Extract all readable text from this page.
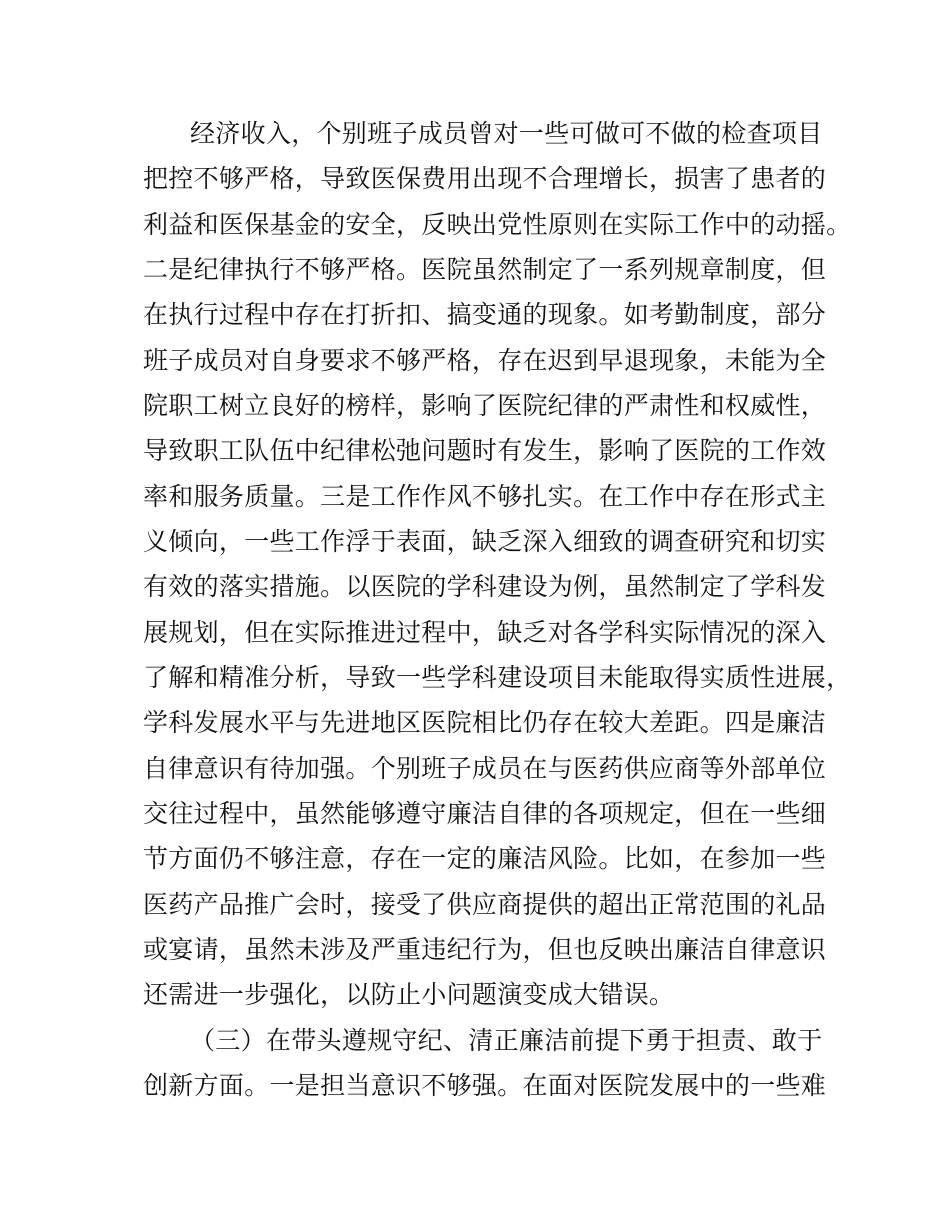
经济收入，个别班子成员曾对一些可做可不做的检查项目

把控不够严格，导致医保费用出现不合理增长，损害了患者的

利益和医保基金的安全，反映出党性原则在实际工作中的动摇。

二是纪律执行不够严格。医院虽然制定了一系列规章制度，但

在执行过程中存在打折扣、搞变通的现象。如考勤制度，部分

班子成员对自身要求不够严格，存在迟到早退现象，未能为全

院职工树立良好的榜样，影响了医院纪律的严肃性和权威性，

导致职工队伍中纪律松弛问题时有发生，影响了医院的工作效

率和服务质量。三是工作作风不够扎实。在工作中存在形式主

义倾向，一些工作浮于表面，缺乏深入细致的调查研究和切实

有效的落实措施。以医院的学科建设为例，虽然制定了学科发

展规划，但在实际推进过程中，缺乏对各学科实际情况的深入

了解和精准分析，导致一些学科建设项目未能取得实质性进展，

学科发展水平与先进地区医院相比仍存在较大差距。四是廉洁

自律意识有待加强。个别班子成员在与医药供应商等外部单位

交往过程中，虽然能够遵守廉洁自律的各项规定，但在一些细

节方面仍不够注意，存在一定的廉洁风险。比如，在参加一些

医药产品推广会时，接受了供应商提供的超出正常范围的礼品

或宴请，虽然未涉及严重违纪行为，但也反映出廉洁自律意识

还需进一步强化，以防止小问题演变成大错误。

（三）在带头遵规守纪、清正廉洁前提下勇于担责、敢于

创新方面。一是担当意识不够强。在面对医院发展中的一些难
